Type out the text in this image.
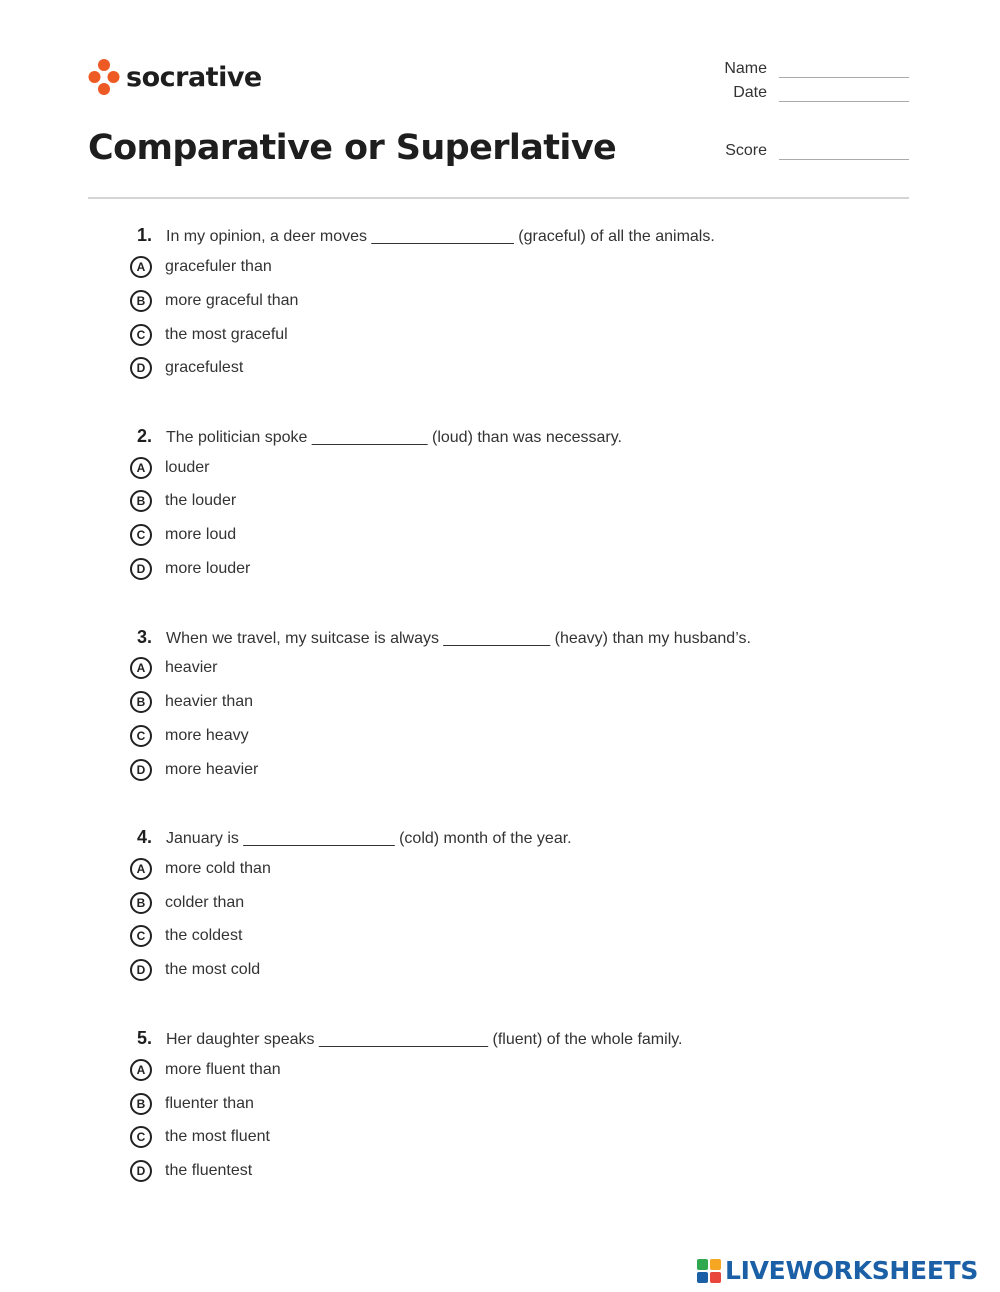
socrative	Name
Date
Score
Comparative or Superlative
1. In my opinion, a deer moves ________________ (graceful) of all the animals.
A	gracefuler than
B	more graceful than
C	the most graceful
D	gracefulest
2. The politician spoke _____________ (loud) than was necessary.
A	louder
B	the louder
C	more loud
D	more louder
3. When we travel, my suitcase is always ____________ (heavy) than my husband’s.
A	heavier
B	heavier than
C	more heavy
D	more heavier
4. January is _________________ (cold) month of the year.
A	more cold than
B	colder than
C	the coldest
D	the most cold
5. Her daughter speaks ___________________ (fluent) of the whole family.
A	more fluent than
B	fluenter than
C	the most fluent
D	the fluentest
LIVEWORKSHEETS
